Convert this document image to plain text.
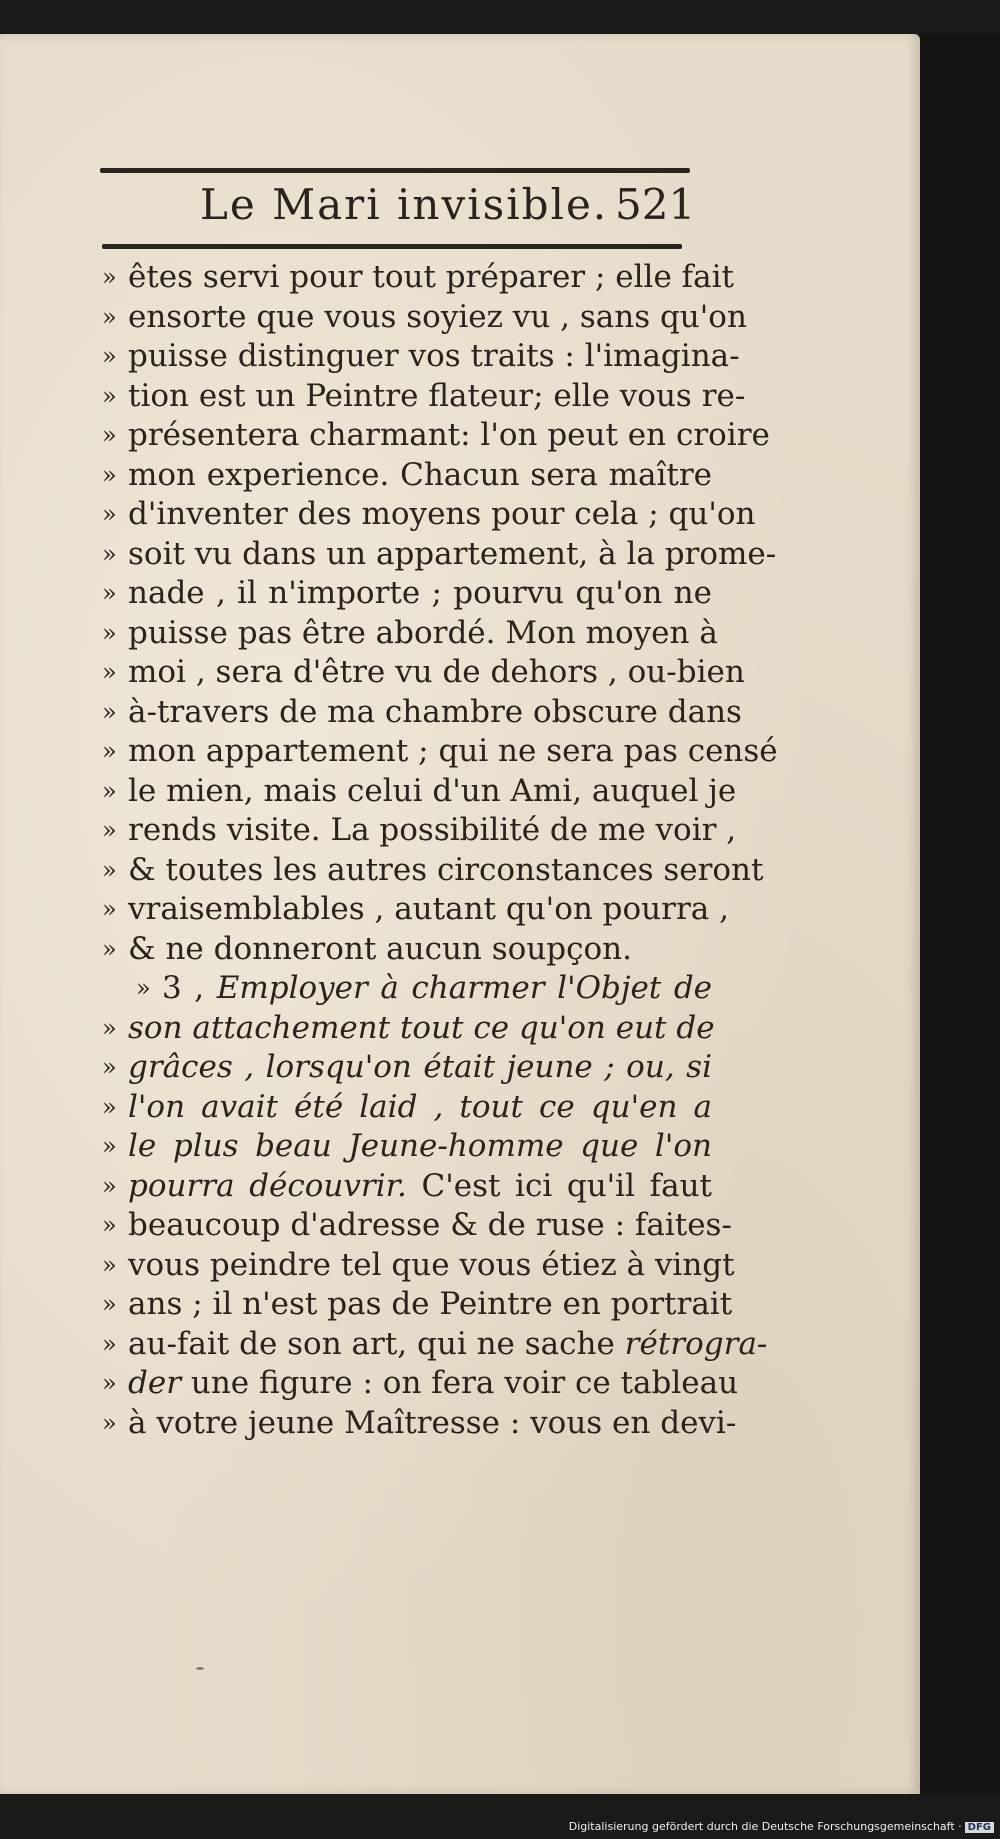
Le Mari invisible. 521
» êtes servi pour tout préparer ; elle fait
» ensorte que vous soyiez vu , sans qu'on
» puisse distinguer vos traits : l'imagina-
» tion est un Peintre flateur; elle vous re-
» présentera charmant: l'on peut en croire
» mon experience. Chacun sera maître
» d'inventer des moyens pour cela ; qu'on
» soit vu dans un appartement, à la prome-
» nade , il n'importe ; pourvu qu'on ne
» puisse pas être abordé. Mon moyen à
» moi , sera d'être vu de dehors , ou-bien
» à-travers de ma chambre obscure dans
» mon appartement ; qui ne sera pas censé
» le mien, mais celui d'un Ami, auquel je
» rends visite. La possibilité de me voir ,
» & toutes les autres circonstances seront
» vraisemblables , autant qu'on pourra ,
» & ne donneront aucun soupçon.
» 3 , Employer à charmer l'Objet de
» son attachement tout ce qu'on eut de
» grâces , lorsqu'on était jeune ; ou, si
» l'on avait été laid , tout ce qu'en a
» le plus beau Jeune-homme que l'on
» pourra découvrir. C'est ici qu'il faut
» beaucoup d'adresse & de ruse : faites-
» vous peindre tel que vous étiez à vingt
» ans ; il n'est pas de Peintre en portrait
» au-fait de son art, qui ne sache rétrogra-
» der une figure : on fera voir ce tableau
» à votre jeune Maîtresse : vous en devi-
Digitalisierung gefördert durch die Deutsche Forschungsgemeinschaft · DFG
